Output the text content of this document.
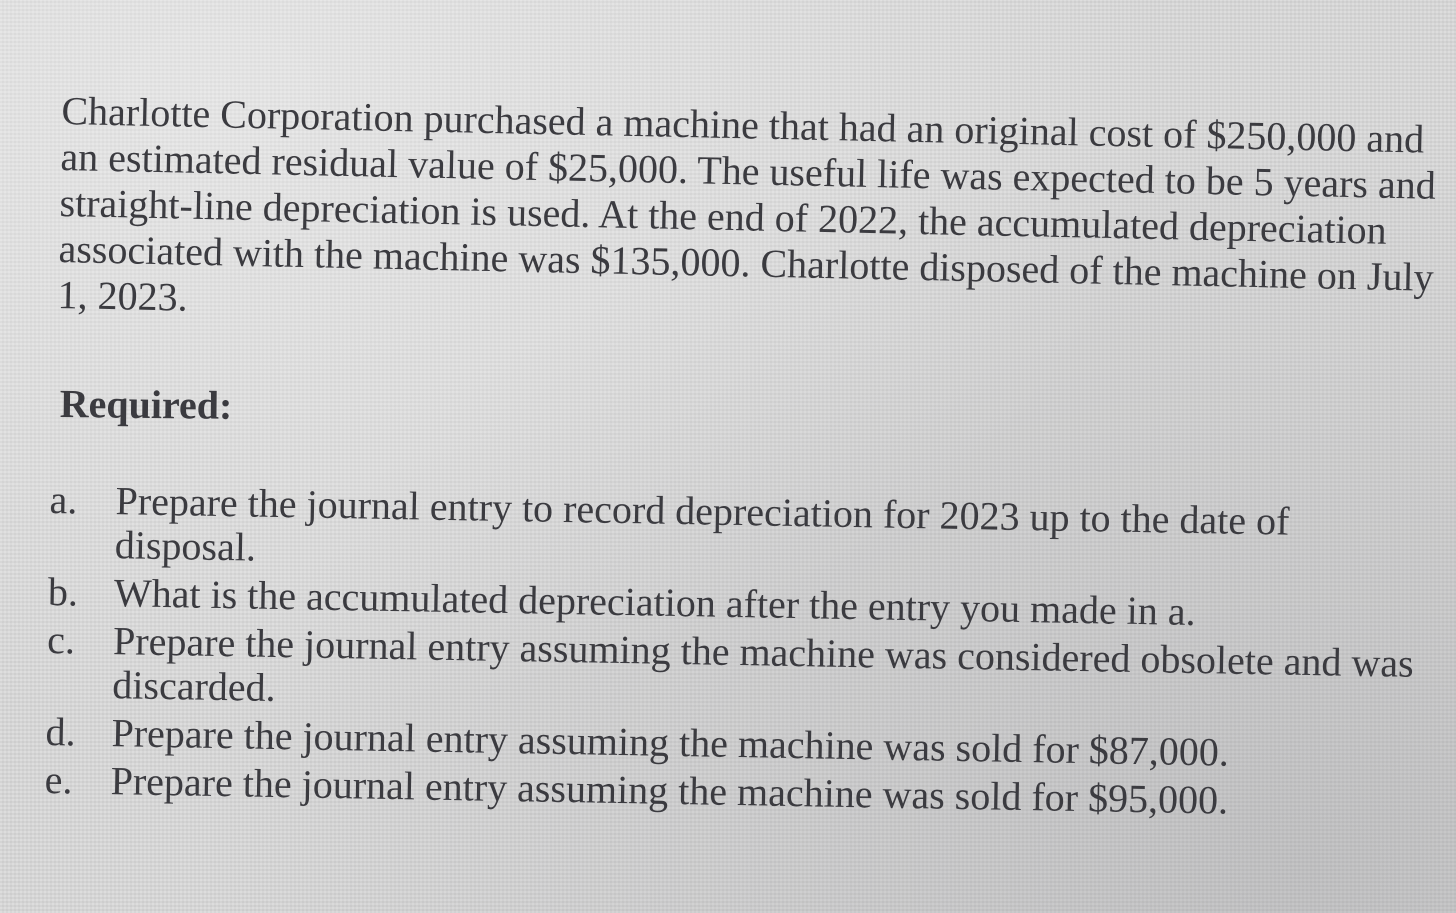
Charlotte Corporation purchased a machine that had an original cost of $250,000 and an estimated residual value of $25,000. The useful life was expected to be 5 years and straight-line depreciation is used. At the end of 2022, the accumulated depreciation associated with the machine was $135,000. Charlotte disposed of the machine on July 1, 2023.

Required:

a. Prepare the journal entry to record depreciation for 2023 up to the date of disposal.
b. What is the accumulated depreciation after the entry you made in a.
c. Prepare the journal entry assuming the machine was considered obsolete and was discarded.
d. Prepare the journal entry assuming the machine was sold for $87,000.
e. Prepare the journal entry assuming the machine was sold for $95,000.
